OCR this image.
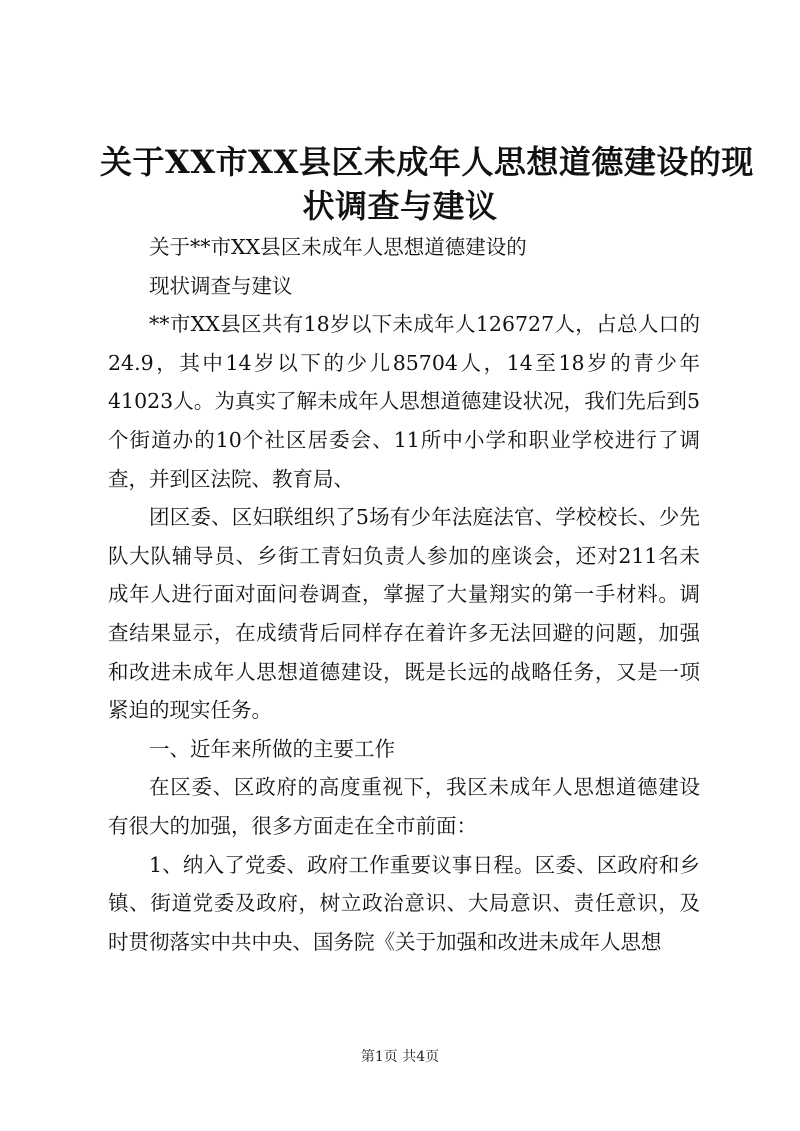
关于XX市XX县区未成年人思想道德建设的现
状调查与建议

关于**市XX县区未成年人思想道德建设的

现状调查与建议

**市XX县区共有18岁以下未成年人126727人，占总人口的24.9，其中14岁以下的少儿85704人，14至18岁的青少年41023人。为真实了解未成年人思想道德建设状况，我们先后到5个街道办的10个社区居委会、11所中小学和职业学校进行了调查，并到区法院、教育局、

团区委、区妇联组织了5场有少年法庭法官、学校校长、少先队大队辅导员、乡街工青妇负责人参加的座谈会，还对211名未成年人进行面对面问卷调查，掌握了大量翔实的第一手材料。调查结果显示，在成绩背后同样存在着许多无法回避的问题，加强和改进未成年人思想道德建设，既是长远的战略任务，又是一项紧迫的现实任务。

一、近年来所做的主要工作

在区委、区政府的高度重视下，我区未成年人思想道德建设有很大的加强，很多方面走在全市前面：

1、纳入了党委、政府工作重要议事日程。区委、区政府和乡镇、街道党委及政府，树立政治意识、大局意识、责任意识，及时贯彻落实中共中央、国务院《关于加强和改进未成年人思想

第1页 共4页
